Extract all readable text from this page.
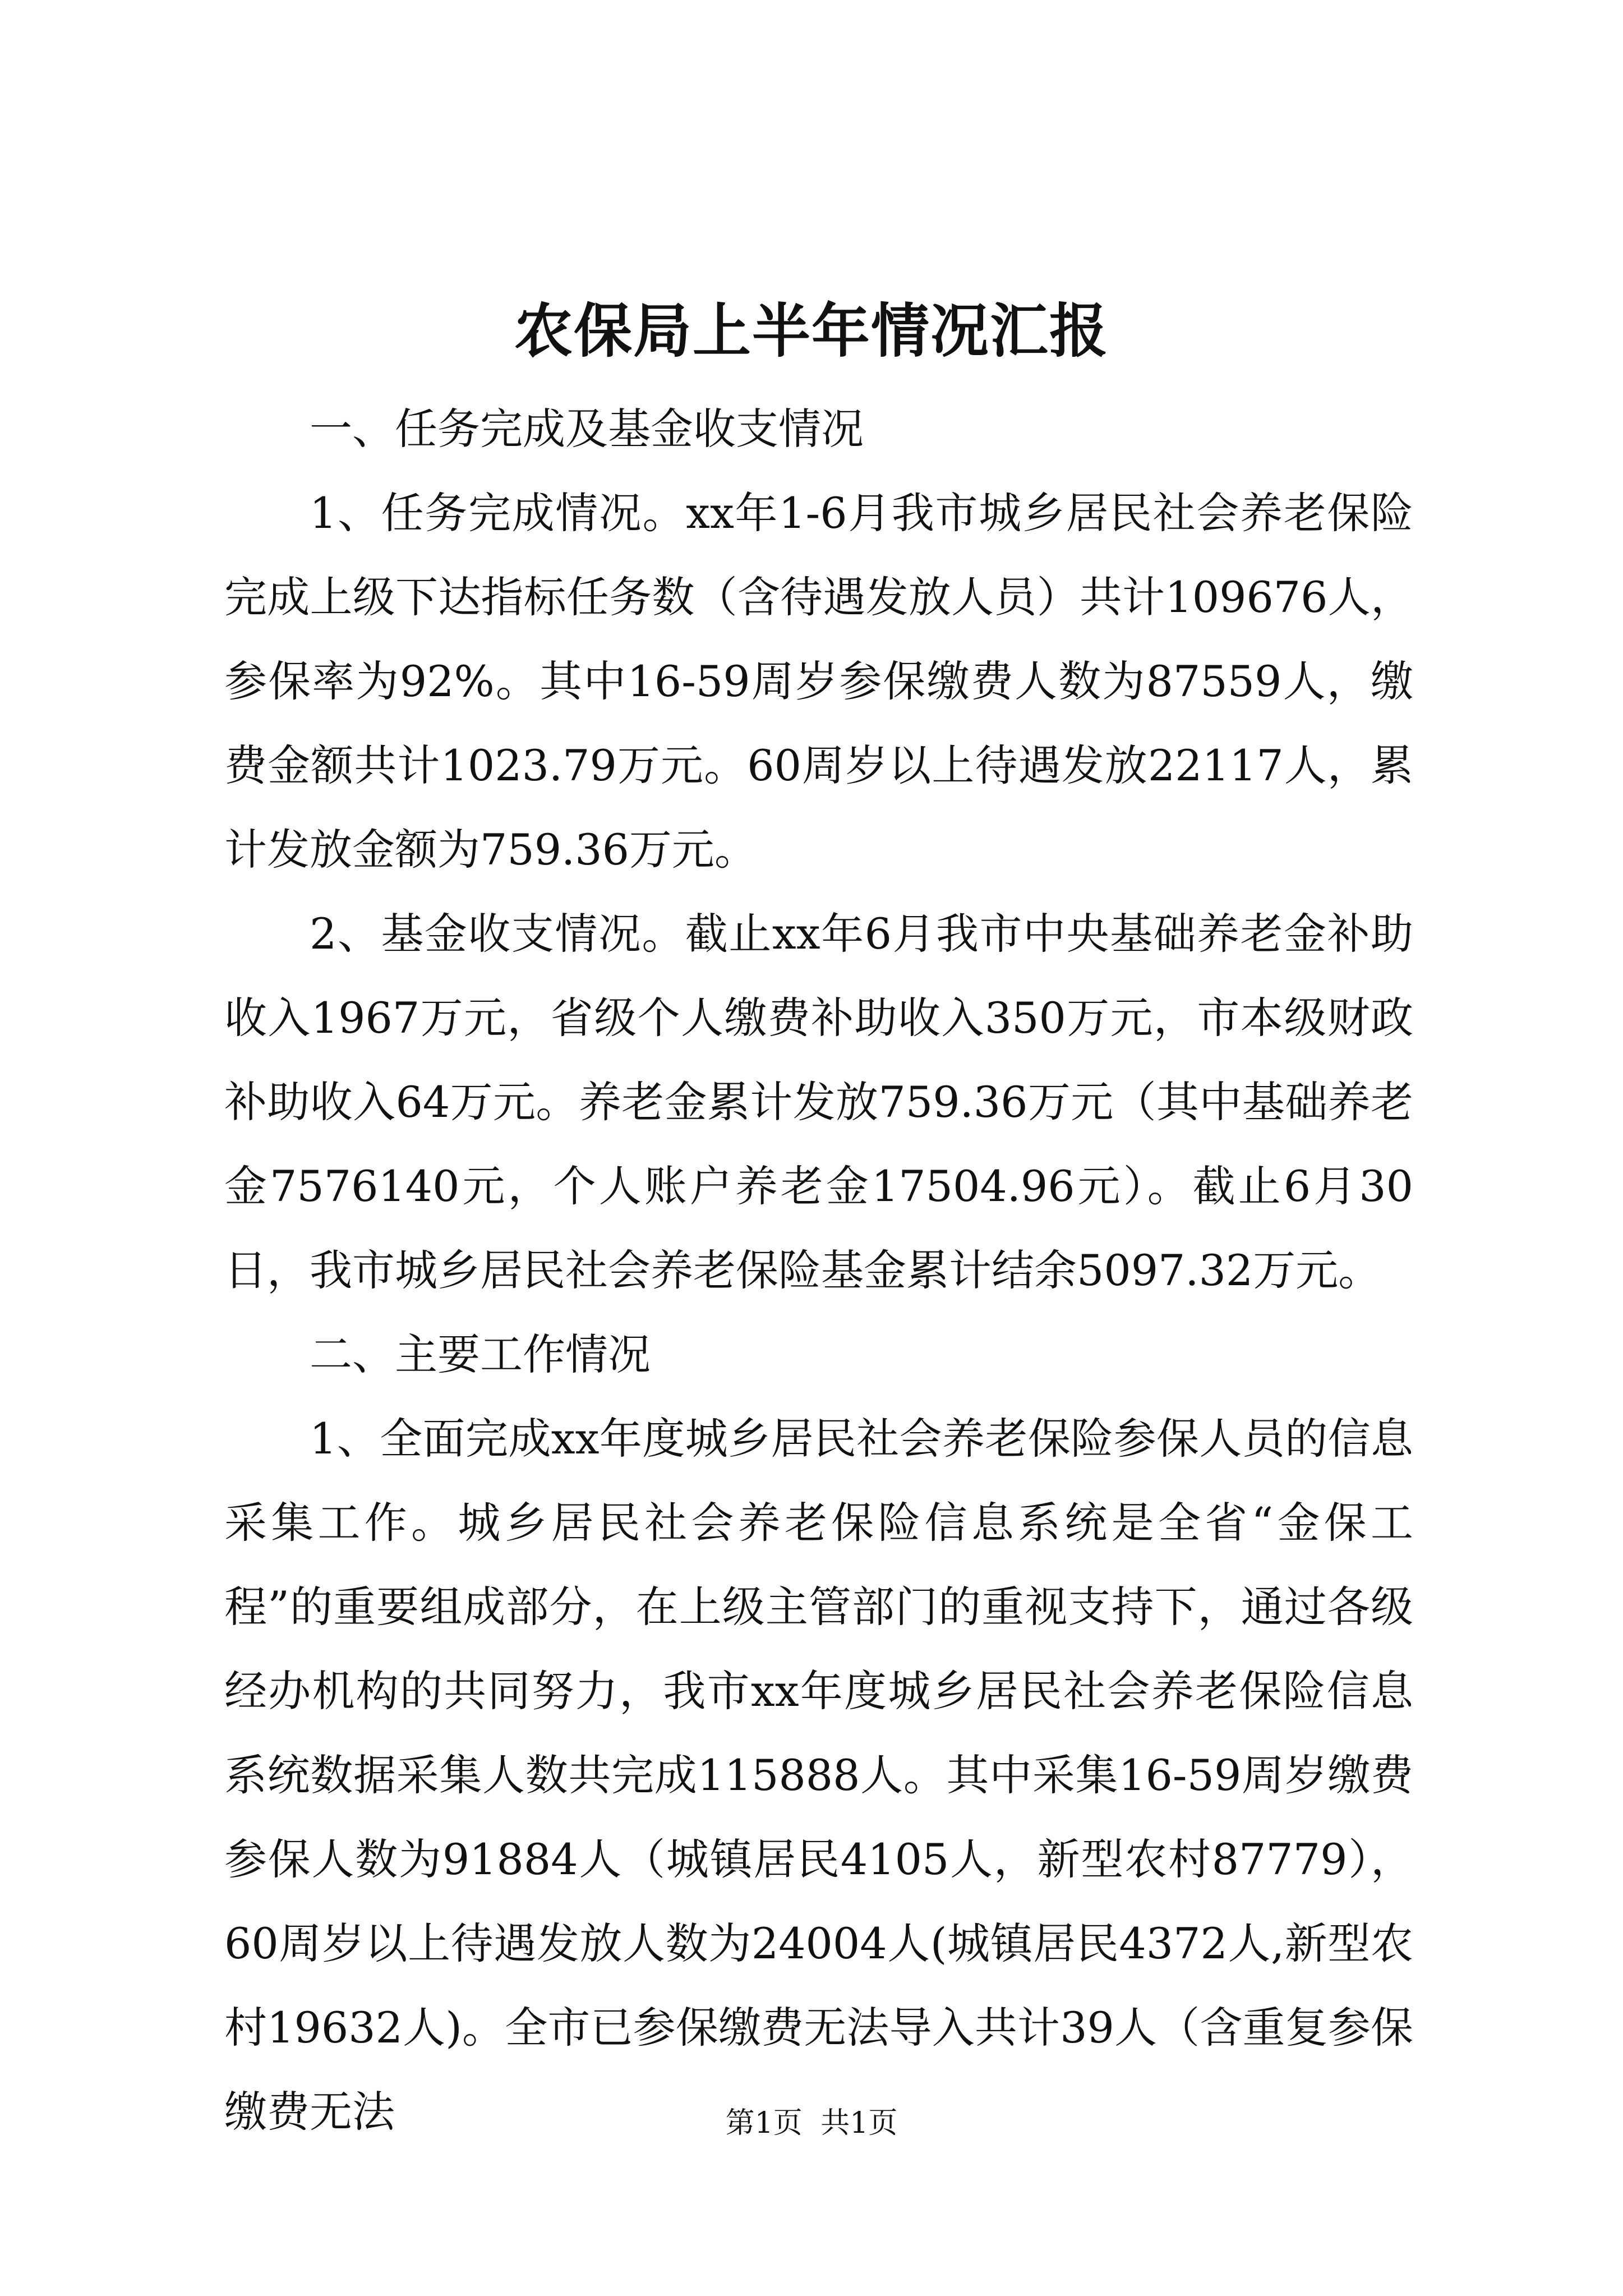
农保局上半年情况汇报

一、任务完成及基金收支情况

1、任务完成情况。xx年1-6月我市城乡居民社会养老保险完成上级下达指标任务数（含待遇发放人员）共计109676人，参保率为92%。其中16-59周岁参保缴费人数为87559人，缴费金额共计1023.79万元。60周岁以上待遇发放22117人，累计发放金额为759.36万元。

2、基金收支情况。截止xx年6月我市中央基础养老金补助收入1967万元，省级个人缴费补助收入350万元，市本级财政补助收入64万元。养老金累计发放759.36万元（其中基础养老金7576140元，个人账户养老金17504.96元）。截止6月30日，我市城乡居民社会养老保险基金累计结余5097.32万元。

二、主要工作情况

1、全面完成xx年度城乡居民社会养老保险参保人员的信息采集工作。城乡居民社会养老保险信息系统是全省“金保工程”的重要组成部分，在上级主管部门的重视支持下，通过各级经办机构的共同努力，我市xx年度城乡居民社会养老保险信息系统数据采集人数共完成115888人。其中采集16-59周岁缴费参保人数为91884人（城镇居民4105人，新型农村87779），60周岁以上待遇发放人数为24004人(城镇居民4372人,新型农村19632人)。全市已参保缴费无法导入共计39人（含重复参保缴费无法	第1页 共1页
